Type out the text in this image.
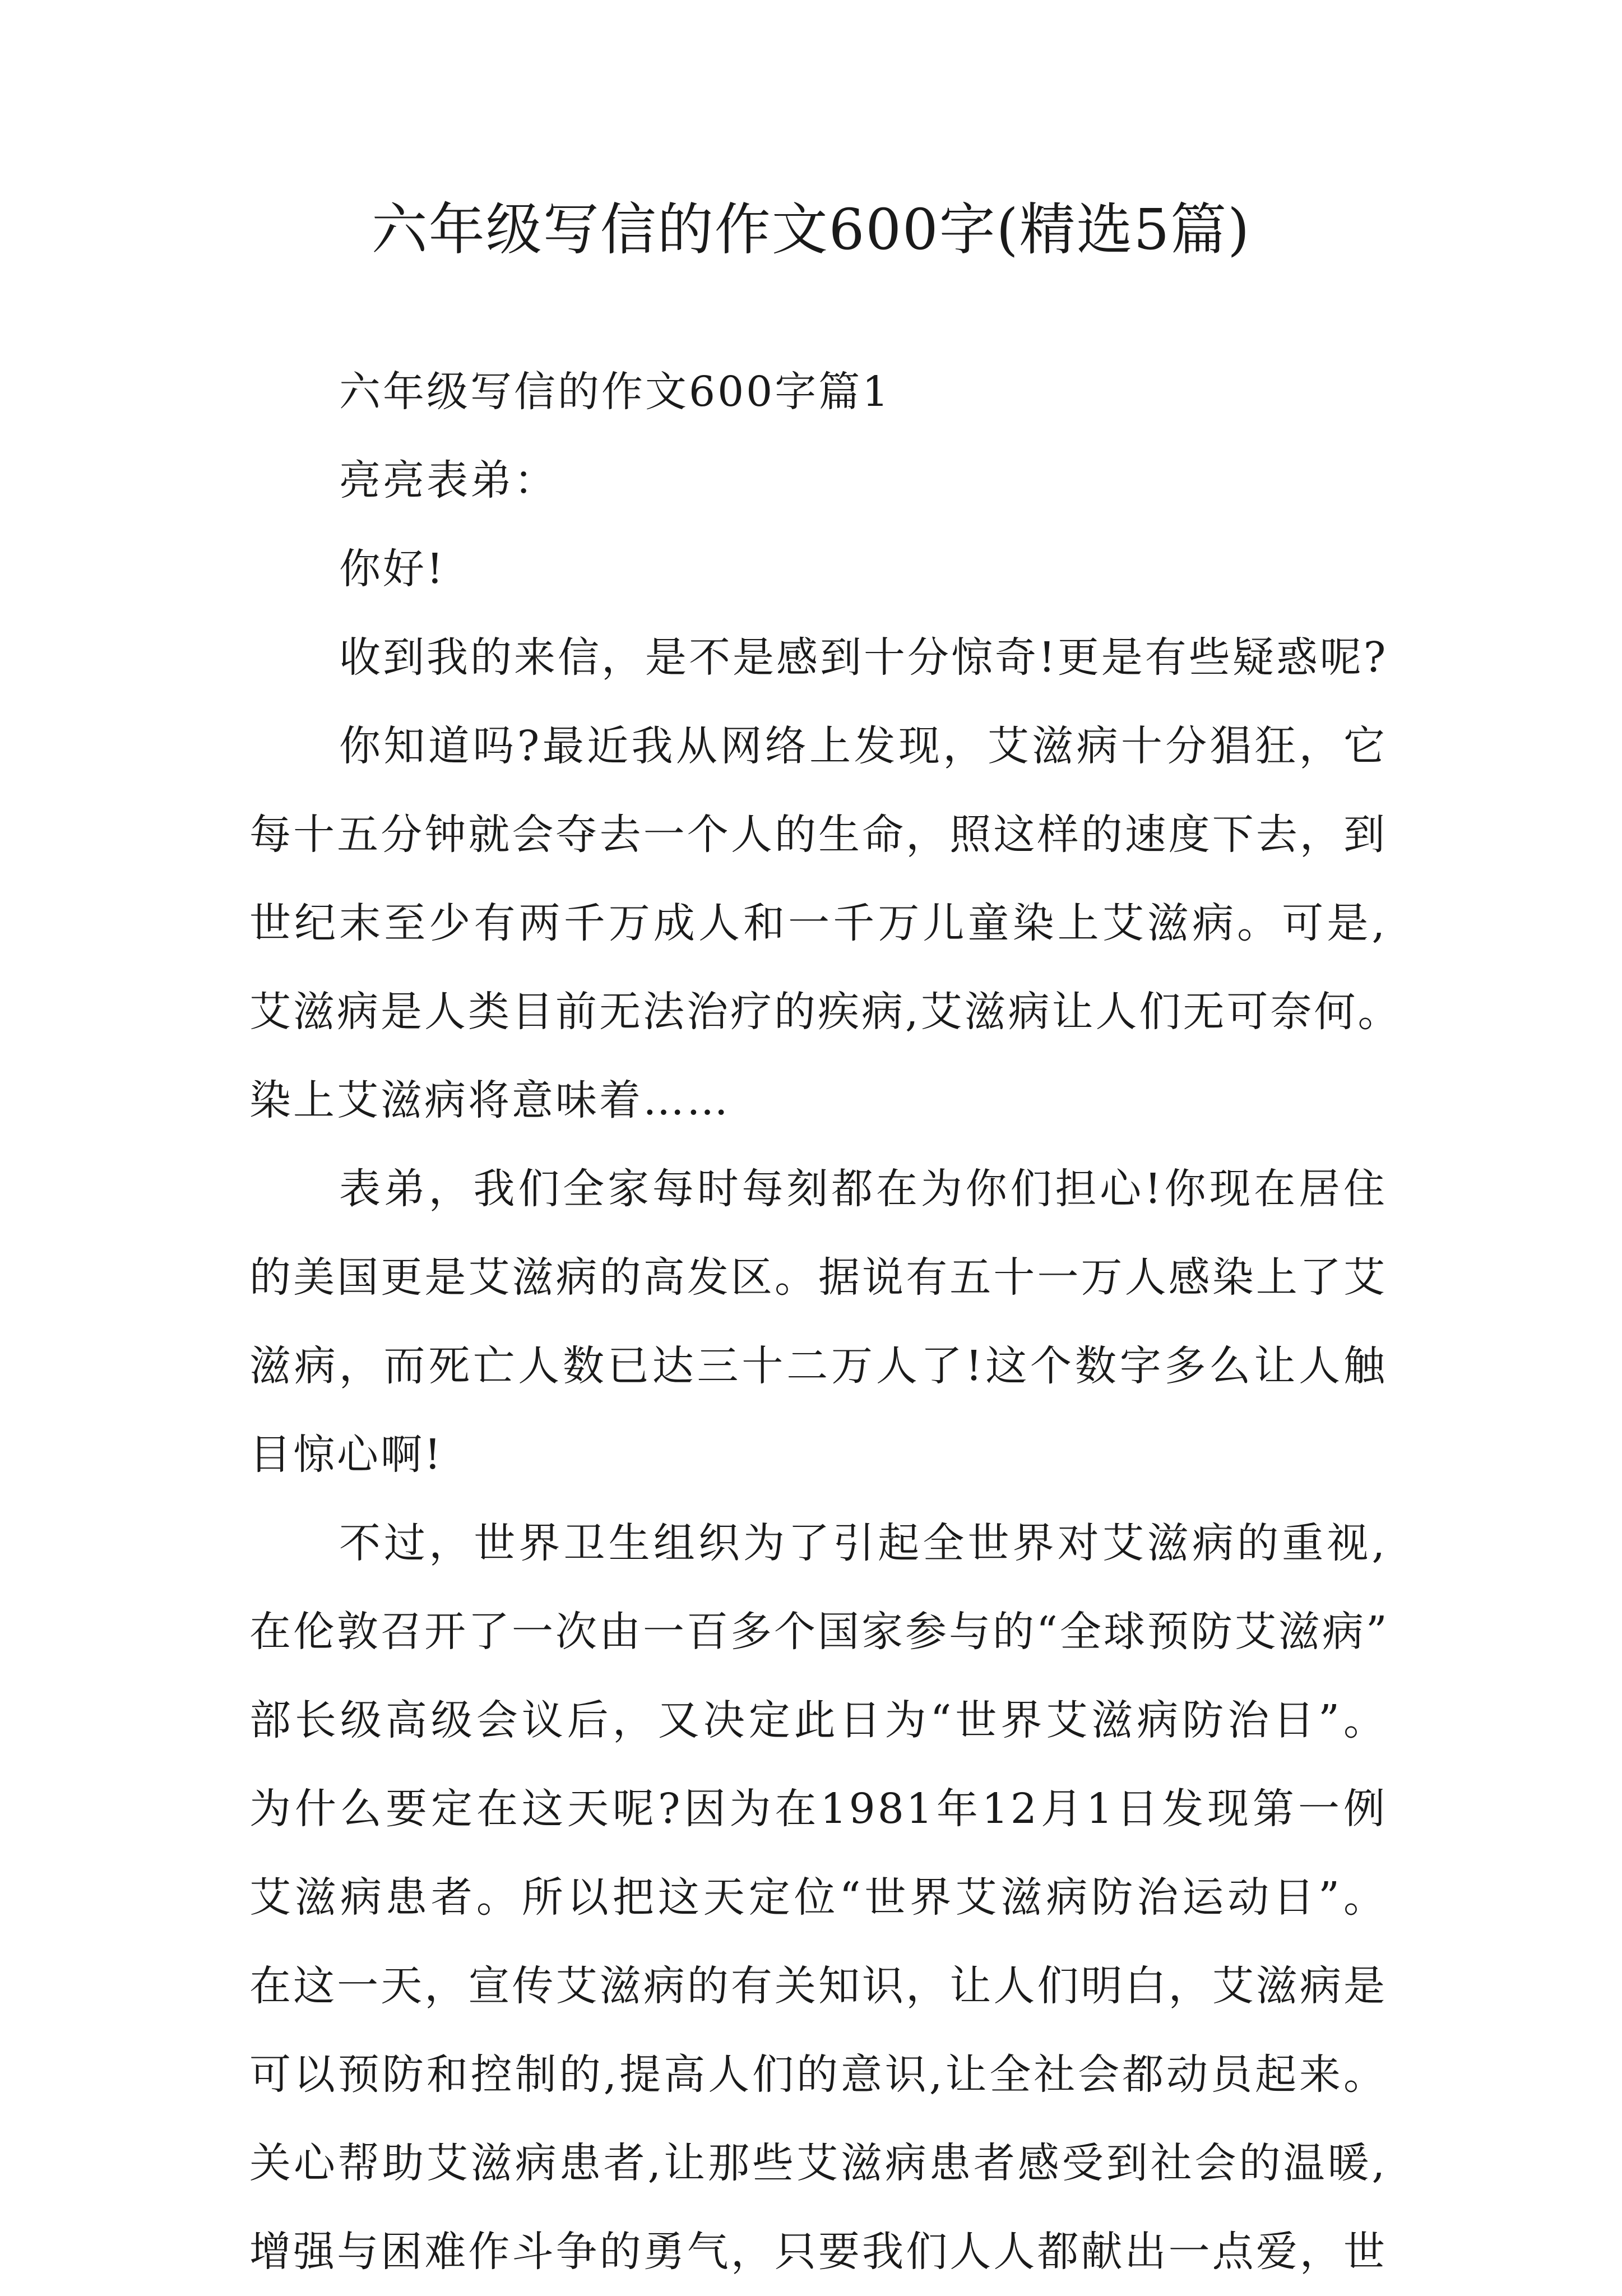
六年级写信的作文600字(精选5篇)
六年级写信的作文600字篇1
亮亮表弟：
你好!
收到我的来信，是不是感到十分惊奇!更是有些疑惑呢?
你知道吗?最近我从网络上发现，艾滋病十分猖狂，它
每十五分钟就会夺去一个人的生命，照这样的速度下去，到
世纪末至少有两千万成人和一千万儿童染上艾滋病。可是,
艾滋病是人类目前无法治疗的疾病,艾滋病让人们无可奈何。
染上艾滋病将意味着……
表弟，我们全家每时每刻都在为你们担心!你现在居住
的美国更是艾滋病的高发区。据说有五十一万人感染上了艾
滋病，而死亡人数已达三十二万人了!这个数字多么让人触
目惊心啊!
不过，世界卫生组织为了引起全世界对艾滋病的重视,
在伦敦召开了一次由一百多个国家参与的“全球预防艾滋病”
部长级高级会议后，又决定此日为“世界艾滋病防治日”。
为什么要定在这天呢?因为在1981年12月1日发现第一例
艾滋病患者。所以把这天定位“世界艾滋病防治运动日”。
在这一天，宣传艾滋病的有关知识，让人们明白，艾滋病是
可以预防和控制的,提高人们的意识,让全社会都动员起来。
关心帮助艾滋病患者,让那些艾滋病患者感受到社会的温暖,
增强与困难作斗争的勇气，只要我们人人都献出一点爱，世
